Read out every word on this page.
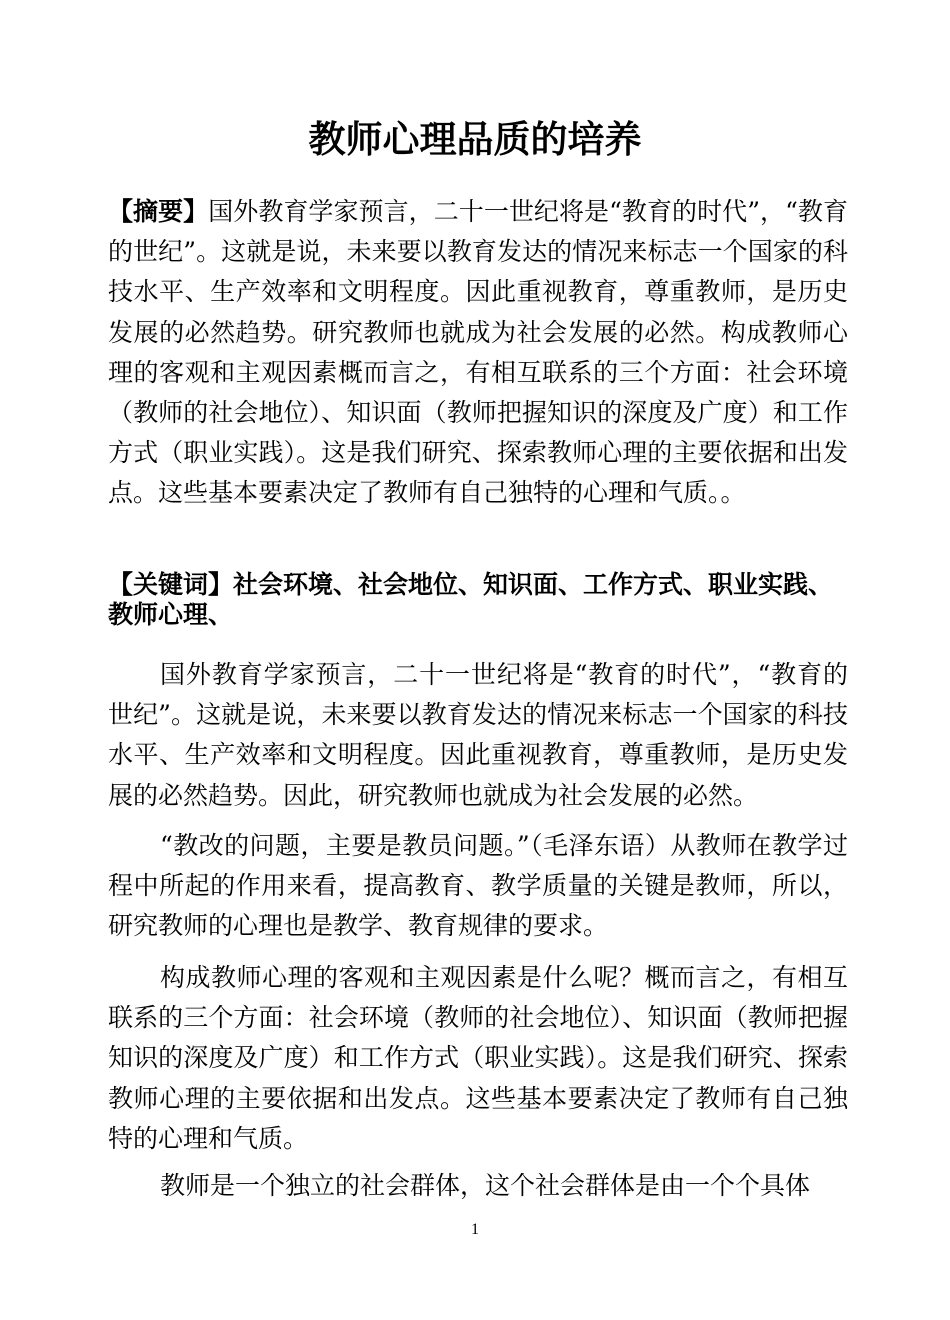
教师心理品质的培养

【摘要】国外教育学家预言，二十一世纪将是“教育的时代”，“教育的世纪”。这就是说，未来要以教育发达的情况来标志一个国家的科技水平、生产效率和文明程度。因此重视教育，尊重教师，是历史发展的必然趋势。研究教师也就成为社会发展的必然。构成教师心理的客观和主观因素概而言之，有相互联系的三个方面：社会环境（教师的社会地位）、知识面（教师把握知识的深度及广度）和工作方式（职业实践）。这是我们研究、探索教师心理的主要依据和出发点。这些基本要素决定了教师有自己独特的心理和气质。。

【关键词】社会环境、社会地位、知识面、工作方式、职业实践、教师心理、

国外教育学家预言，二十一世纪将是“教育的时代”，“教育的世纪”。这就是说，未来要以教育发达的情况来标志一个国家的科技水平、生产效率和文明程度。因此重视教育，尊重教师，是历史发展的必然趋势。因此，研究教师也就成为社会发展的必然。

“教改的问题，主要是教员问题。”（毛泽东语）从教师在教学过程中所起的作用来看，提高教育、教学质量的关键是教师，所以，研究教师的心理也是教学、教育规律的要求。

构成教师心理的客观和主观因素是什么呢？概而言之，有相互联系的三个方面：社会环境（教师的社会地位）、知识面（教师把握知识的深度及广度）和工作方式（职业实践）。这是我们研究、探索教师心理的主要依据和出发点。这些基本要素决定了教师有自己独特的心理和气质。

教师是一个独立的社会群体，这个社会群体是由一个个具体

1
